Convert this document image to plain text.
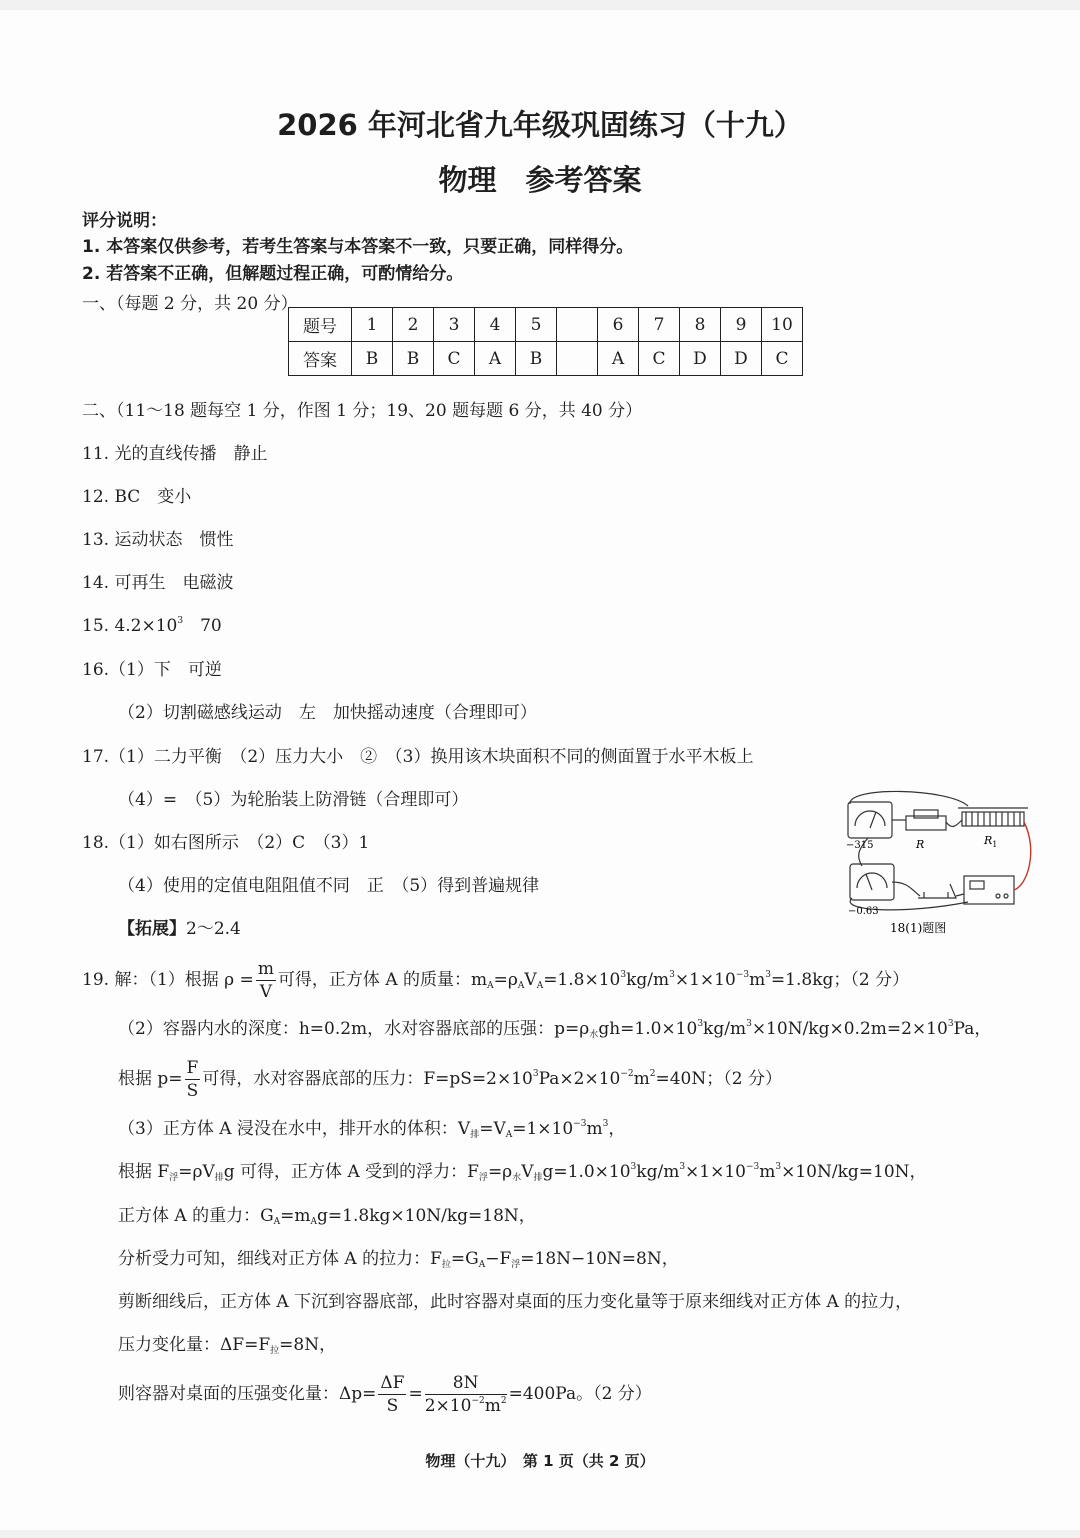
2026 年河北省九年级巩固练习（十九）
物理　参考答案
评分说明：
1. 本答案仅供参考，若考生答案与本答案不一致，只要正确，同样得分。
2. 若答案不正确，但解题过程正确，可酌情给分。
一、（每题 2 分，共 20 分）
题号	1	2	3	4	5		6	7	8	9	10
答案	B	B	C	A	B		A	C	D	D	C
二、（11～18 题每空 1 分，作图 1 分；19、20 题每题 6 分，共 40 分）
11. 光的直线传播　静止
12. BC　变小
13. 运动状态　惯性
14. 可再生　电磁波
15. $4.2\times 10^3$　70
16.（1）下　可逆
（2）切割磁感线运动　左　加快摇动速度（合理即可）
17.（1）二力平衡　（2）压力大小　②　（3）换用该木块面积不同的侧面置于水平木板上
（4）=　（5）为轮胎装上防滑链（合理即可）
18.（1）如右图所示　（2）C　（3）1
（4）使用的定值电阻阻值不同　正　（5）得到普遍规律
【拓展】2～2.4
−315	R	$R_1$
−0.63
18(1)题图
19. 解：（1）根据 $\rho = \frac{m}{V}$ 可得，正方体 A 的质量：$m_A=\rho_AV_A=1.8\times 10^3kg/m^3\times 1\times 10^{-3}m^3=1.8kg$；（2 分）
（2）容器内水的深度：h=0.2m，水对容器底部的压强：$p=\rho_水gh=1.0\times 10^3kg/m^3\times 10N/kg\times 0.2m=2\times 10^3Pa$，
根据 $p= \frac{F}{S}$ 可得，水对容器底部的压力：$F=pS=2\times 10^3Pa\times 2\times 10^{-2}m^2=40N$；（2 分）
（3）正方体 A 浸没在水中，排开水的体积：$V_排=V_A=1\times 10^{-3}m^3$，
根据 $F_浮=\rho V_排g$ 可得，正方体 A 受到的浮力：$F_浮=\rho_水V_排g=1.0\times 10^3kg/m^3\times 1\times 10^{-3}m^3\times 10N/kg=10N$，
正方体 A 的重力：$G_A=m_Ag=1.8kg\times 10N/kg=18N$，
分析受力可知，细线对正方体 A 的拉力：$F_拉=G_A-F_浮=18N-10N=8N$，
剪断细线后，正方体 A 下沉到容器底部，此时容器对桌面的压力变化量等于原来细线对正方体 A 的拉力，
压力变化量：$\Delta F=F_拉=8N$，
则容器对桌面的压强变化量：$\Delta p= \frac{\Delta F}{S} = \frac{8N}{2\times 10^{-2}m^2} =400Pa$。（2 分）
物理（十九）　第 1 页（共 2 页）
